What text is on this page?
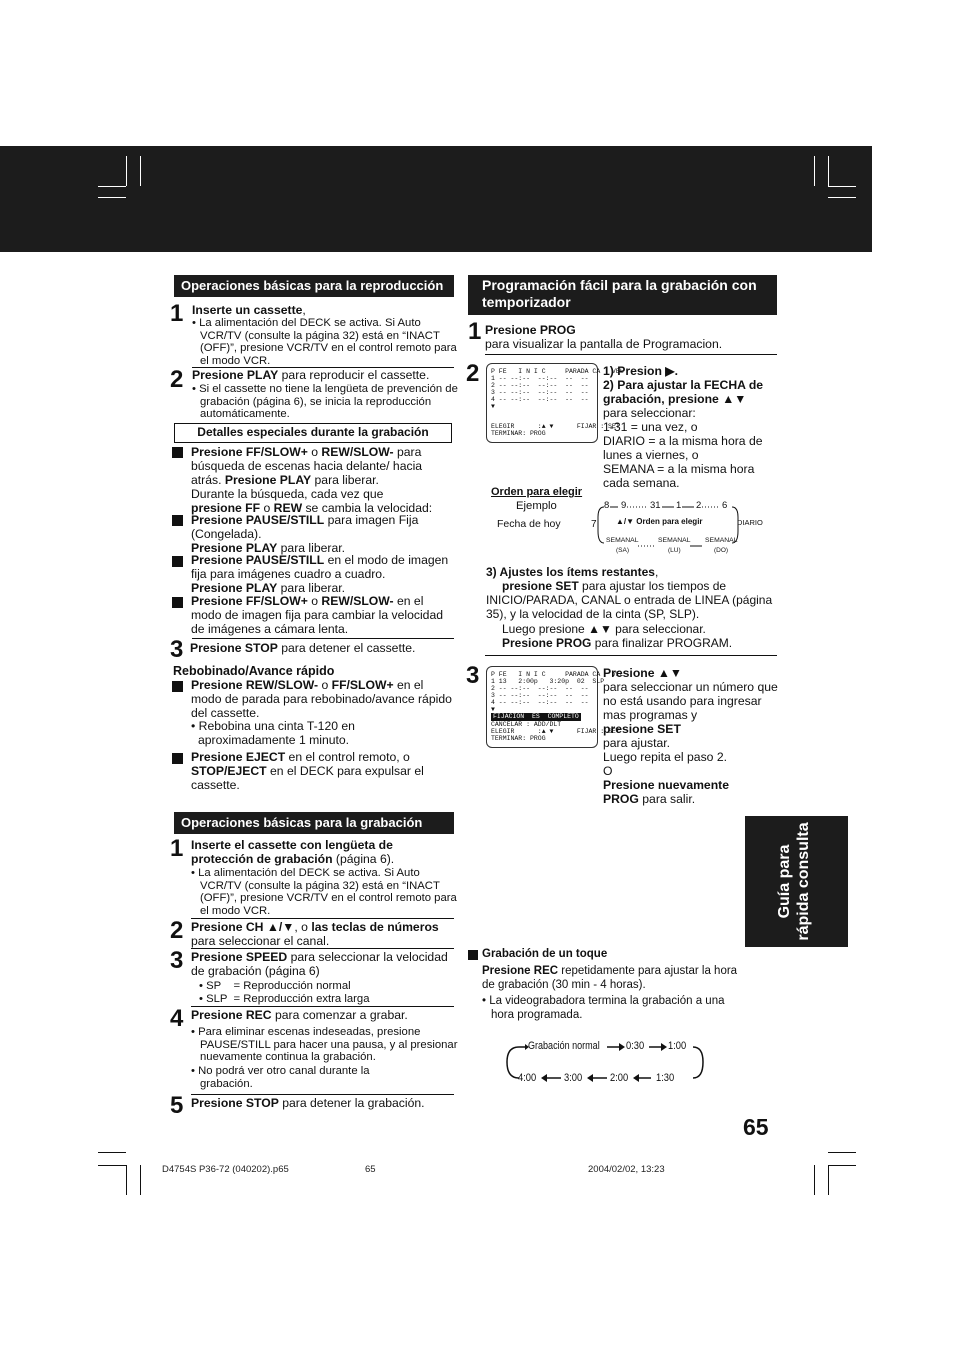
Operaciones básicas para la reproducción
1 Inserte un cassette,
• La alimentación del DECK se activa. Si Auto VCR/TV (consulte la página 32) está en “INACT (OFF)”, presione VCR/TV en el control remoto para el modo VCR.
2 Presione PLAY para reproducir el cassette.
• Si el cassette no tiene la lengüeta de prevención de grabación (página 6), se inicia la reproducción automáticamente.
Detalles especiales durante la grabación
Presione FF/SLOW+ o REW/SLOW- para búsqueda de escenas hacia delante/ hacia atrás. Presione PLAY para liberar.
Durante la búsqueda, cada vez que
presione FF o REW se cambia la velocidad:
Presione PAUSE/STILL para imagen Fija (Congelada).
Presione PLAY para liberar.
Presione PAUSE/STILL en el modo de imagen fija para imágenes cuadro a cuadro.
Presione PLAY para liberar.
Presione FF/SLOW+ o REW/SLOW- en el modo de imagen fija para cambiar la velocidad de imágenes a cámara lenta.
3 Presione STOP para detener el cassette.
Rebobinado/Avance rápido
Presione REW/SLOW- o FF/SLOW+ en el modo de parada para rebobinado/avance rápido del cassette.
• Rebobina una cinta T-120 en aproximadamente 1 minuto.
Presione EJECT en el control remoto, o STOP/EJECT en el DECK para expulsar el cassette.
Operaciones básicas para la grabación
1 Inserte el cassette con lengüeta de protección de grabación (página 6).
• La alimentación del DECK se activa. Si Auto VCR/TV (consulte la página 32) está en “INACT (OFF)”, presione VCR/TV en el control remoto para el modo VCR.
2 Presione CH ▲/▼, o las teclas de números
para seleccionar el canal.
3 Presione SPEED para seleccionar la velocidad de grabación (página 6)
• SP    = Reproducción normal
• SLP  = Reproducción extra larga
4 Presione REC para comenzar a grabar.
• Para eliminar escenas indeseadas, presione PAUSE/STILL para hacer una pausa, y al presionar nuevamente continua la grabación.
• No podrá ver otro canal durante la grabación.
5 Presione STOP para detener la grabación.
Programación fácil para la grabación con temporizador
1 Presione PROG
para visualizar la pantalla de Programacion.
2 P FE   I N I C     PARADA CA   VEL
1 -- --:--  --:--  --  --
2 -- --:--  --:--  --  --
3 -- --:--  --:--  --  --
4 -- --:--  --:--  --  --
▼
ELEGIR      :▲ ▼      FIJAR : SET
TERMINAR: PROG
1) Presion ▶.
2) Para ajustar la FECHA de grabación, presione ▲▼
para seleccionar:
1-31 = una vez, o
DIARIO = a la misma hora de lunes a viernes, o
SEMANA = a la misma hora cada semana.
Orden para elegir
Ejemplo
Fecha de hoy	7
8 9 31 1 2 6
▲/▼ Orden para elegir	DIARIO
SEMANAL	SEMANAL SEMANAL
(SA)	(LU)	(DO)
3) Ajustes los ítems restantes,
presione SET para ajustar los tiempos de INICIO/PARADA, CANAL o entrada de LINEA (página 35), y la velocidad de la cinta (SP, SLP).
Luego presione ▲▼ para seleccionar.
Presione PROG para finalizar PROGRAM.
3 P FE   I N I C     PARADA CA   VEL
1 13   2:00p   3:20p  02  SLP
2 -- --:--  --:--  --  --
3 -- --:--  --:--  --  --
4 -- --:--  --:--  --  --
▼
FIJACION  ES  COMPLETO
CANCELAR : ADD/DLT
ELEGIR      :▲ ▼      FIJAR : SET
TERMINAR: PROG
Presione ▲▼
para seleccionar un número que no está usando para ingresar mas programas y
presione SET
para ajustar.
Luego repita el paso 2.
O
Presione nuevamente
PROG para salir.
Grabación de un toque
Presione REC repetidamente para ajustar la hora de grabación (30 min - 4 horas).
• La videograbadora termina la grabación a una hora programada.
Grabación normal 0:30 1:00
4:00	3:00	2:00	1:30
Guía para rápida consulta
65
D4754S P36-72 (040202).p65	65	2004/02/02, 13:23
